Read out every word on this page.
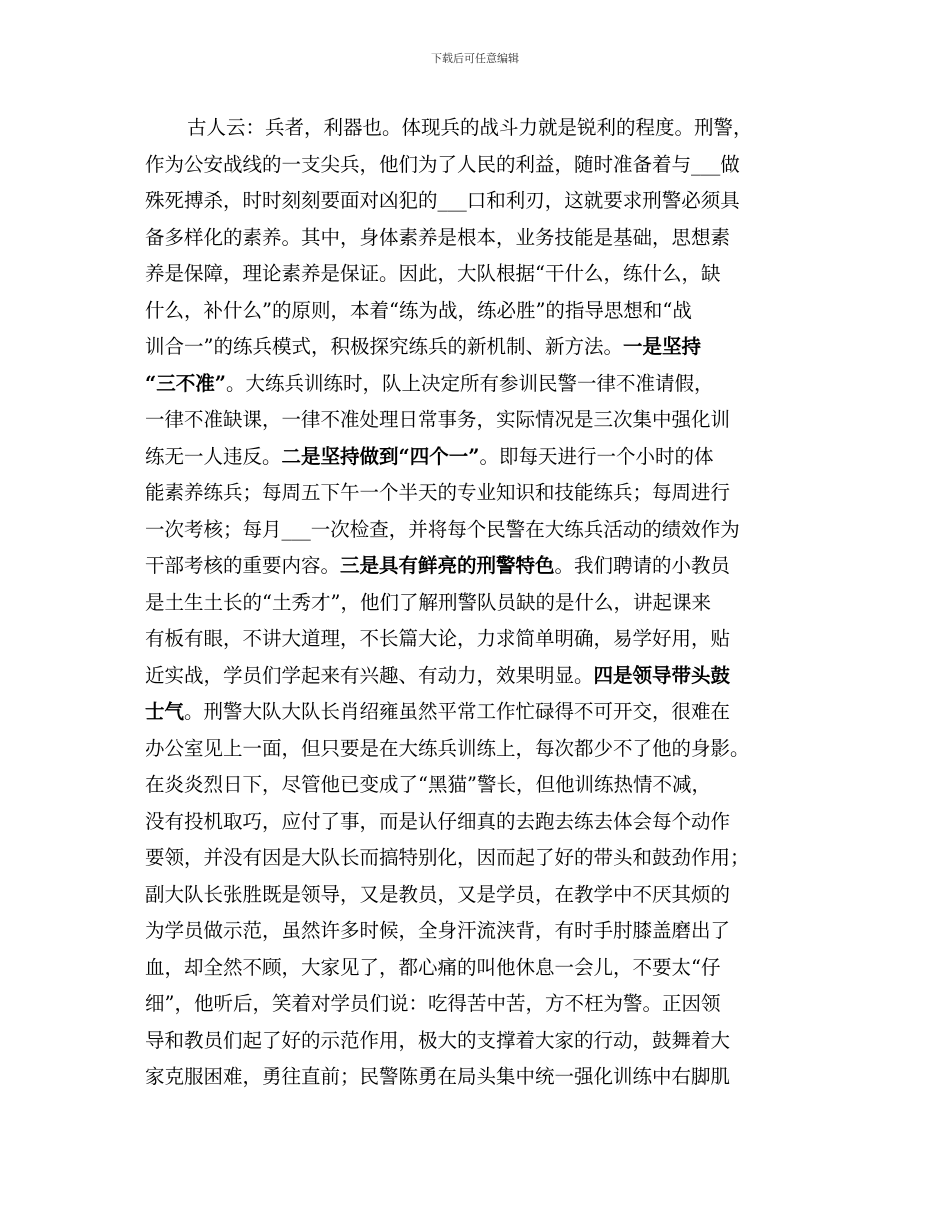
下载后可任意编辑
古人云：兵者，利器也。体现兵的战斗力就是锐利的程度。刑警，
作为公安战线的一支尖兵，他们为了人民的利益，随时准备着与___做
殊死搏杀，时时刻刻要面对凶犯的___口和利刃，这就要求刑警必须具
备多样化的素养。其中，身体素养是根本，业务技能是基础，思想素
养是保障，理论素养是保证。因此，大队根据“干什么，练什么，缺
什么，补什么”的原则，本着“练为战，练必胜”的指导思想和“战
训合一”的练兵模式，积极探究练兵的新机制、新方法。一是坚持
“三不准”。大练兵训练时，队上决定所有参训民警一律不准请假，
一律不准缺课，一律不准处理日常事务，实际情况是三次集中强化训
练无一人违反。二是坚持做到“四个一”。即每天进行一个小时的体
能素养练兵；每周五下午一个半天的专业知识和技能练兵；每周进行
一次考核；每月___一次检查，并将每个民警在大练兵活动的绩效作为
干部考核的重要内容。三是具有鲜亮的刑警特色。我们聘请的小教员
是土生土长的“土秀才”，他们了解刑警队员缺的是什么，讲起课来
有板有眼，不讲大道理，不长篇大论，力求简单明确，易学好用，贴
近实战，学员们学起来有兴趣、有动力，效果明显。四是领导带头鼓
士气。刑警大队大队长肖绍雍虽然平常工作忙碌得不可开交，很难在
办公室见上一面，但只要是在大练兵训练上，每次都少不了他的身影。
在炎炎烈日下，尽管他已变成了“黑猫”警长，但他训练热情不减，
没有投机取巧，应付了事，而是认仔细真的去跑去练去体会每个动作
要领，并没有因是大队长而搞特别化，因而起了好的带头和鼓劲作用；
副大队长张胜既是领导，又是教员，又是学员，在教学中不厌其烦的
为学员做示范，虽然许多时候，全身汗流浃背，有时手肘膝盖磨出了
血，却全然不顾，大家见了，都心痛的叫他休息一会儿，不要太“仔
细”，他听后，笑着对学员们说：吃得苦中苦，方不枉为警。正因领
导和教员们起了好的示范作用，极大的支撑着大家的行动，鼓舞着大
家克服困难，勇往直前；民警陈勇在局头集中统一强化训练中右脚肌
